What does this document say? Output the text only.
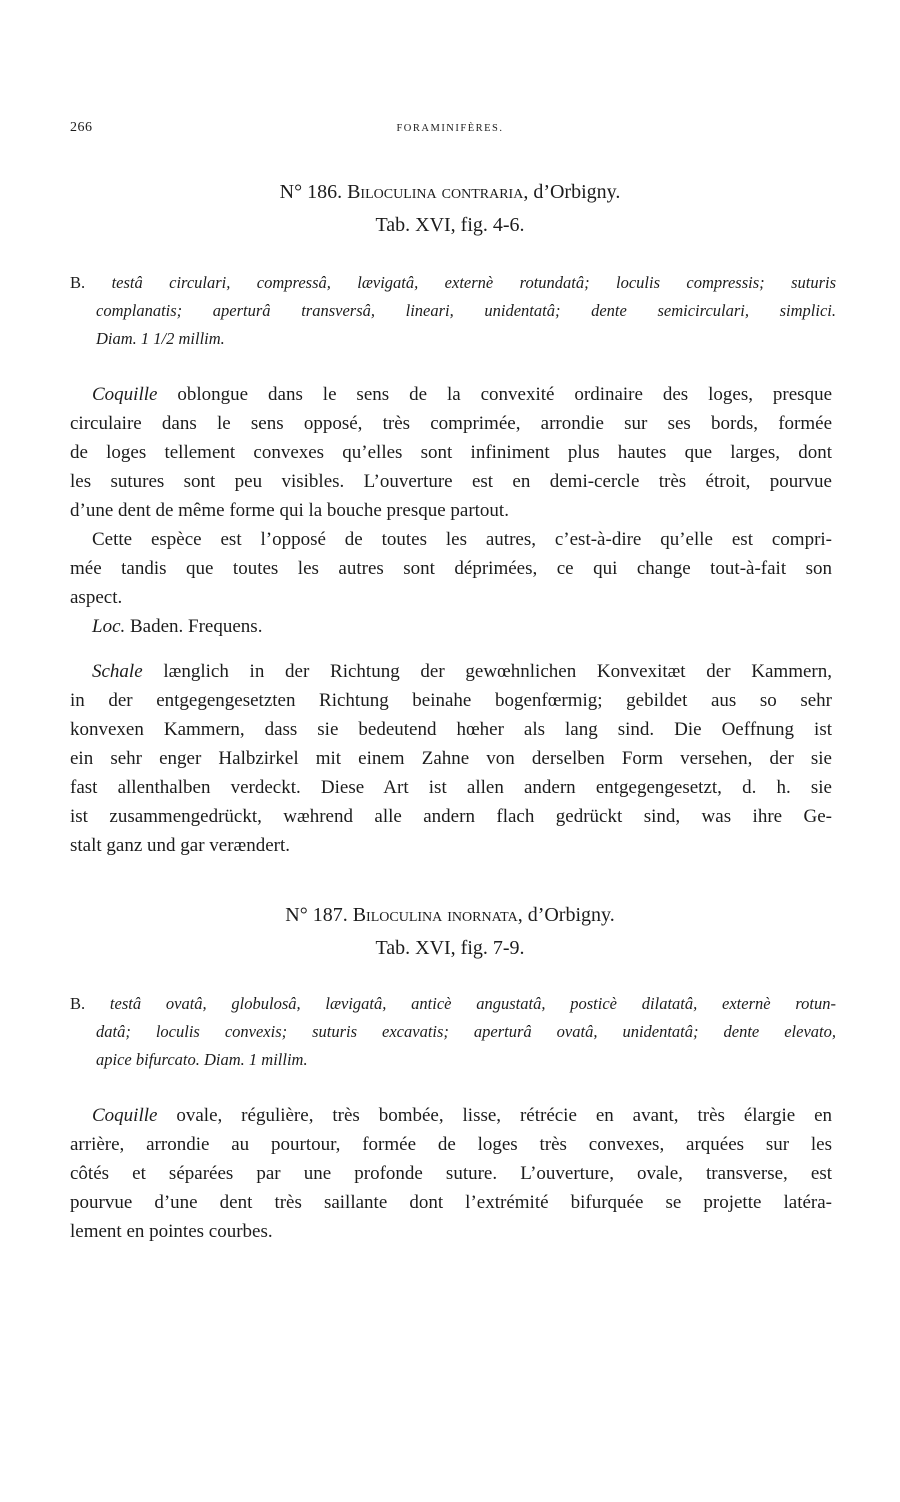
266	FORAMINIFÈRES.
N° 186. Biloculina contraria, d’Orbigny.
Tab. XVI, fig. 4-6.
B. testâ circulari, compressâ, lævigatâ, externè rotundatâ; loculis compressis; suturis
complanatis; aperturâ transversâ, lineari, unidentatâ; dente semicirculari, simplici.
Diam. 1 1/2 millim.
Coquille oblongue dans le sens de la convexité ordinaire des loges, presque
circulaire dans le sens opposé, très comprimée, arrondie sur ses bords, formée
de loges tellement convexes qu’elles sont infiniment plus hautes que larges, dont
les sutures sont peu visibles. L’ouverture est en demi-cercle très étroit, pourvue
d’une dent de même forme qui la bouche presque partout.
Cette espèce est l’opposé de toutes les autres, c’est-à-dire qu’elle est compri-
mée tandis que toutes les autres sont déprimées, ce qui change tout-à-fait son
aspect.
Loc. Baden. Frequens.
Schale længlich in der Richtung der gewœhnlichen Konvexitæt der Kammern,
in der entgegengesetzten Richtung beinahe bogenfœrmig; gebildet aus so sehr
konvexen Kammern, dass sie bedeutend hœher als lang sind. Die Oeffnung ist
ein sehr enger Halbzirkel mit einem Zahne von derselben Form versehen, der sie
fast allenthalben verdeckt. Diese Art ist allen andern entgegengesetzt, d. h. sie
ist zusammengedrückt, wæhrend alle andern flach gedrückt sind, was ihre Ge-
stalt ganz und gar verændert.
N° 187. Biloculina inornata, d’Orbigny.
Tab. XVI, fig. 7-9.
B. testâ ovatâ, globulosâ, lævigatâ, anticè angustatâ, posticè dilatatâ, externè rotun-
datâ; loculis convexis; suturis excavatis; aperturâ ovatâ, unidentatâ; dente elevato,
apice bifurcato. Diam. 1 millim.
Coquille ovale, régulière, très bombée, lisse, rétrécie en avant, très élargie en
arrière, arrondie au pourtour, formée de loges très convexes, arquées sur les
côtés et séparées par une profonde suture. L’ouverture, ovale, transverse, est
pourvue d’une dent très saillante dont l’extrémité bifurquée se projette latéra-
lement en pointes courbes.
